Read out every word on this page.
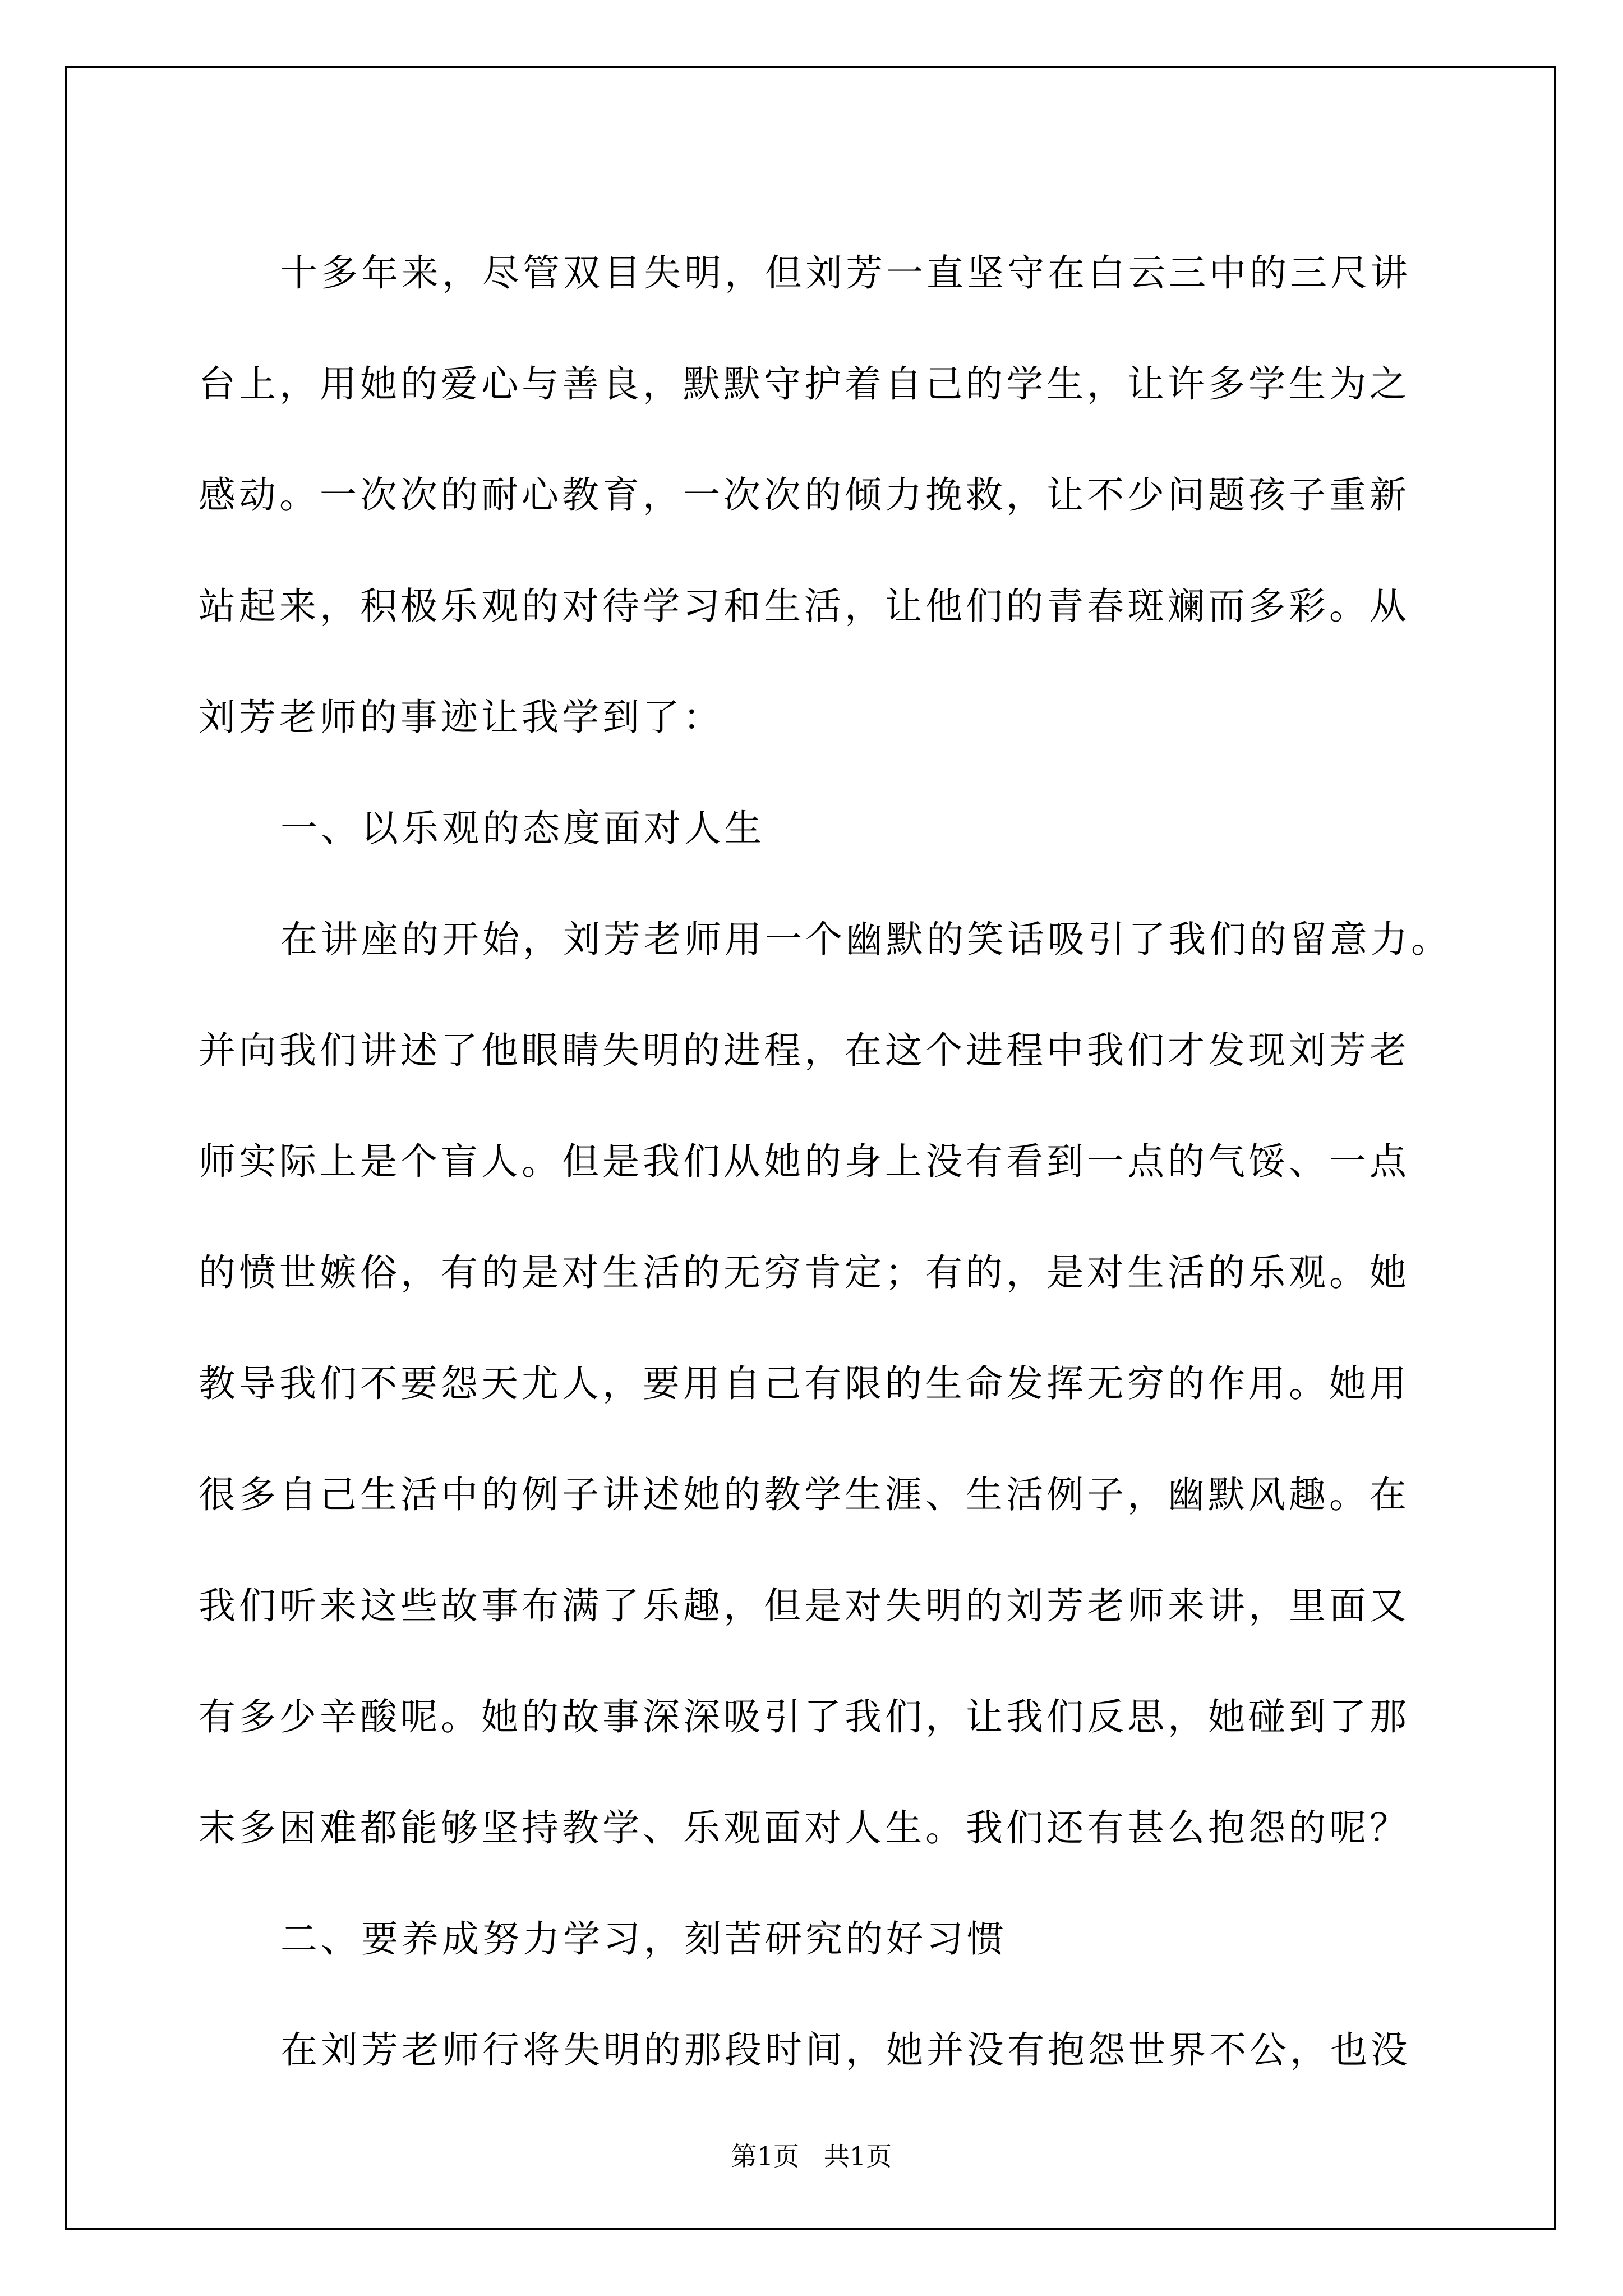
十多年来，尽管双目失明，但刘芳一直坚守在白云三中的三尺讲
台上，用她的爱心与善良，默默守护着自己的学生，让许多学生为之
感动。一次次的耐心教育，一次次的倾力挽救，让不少问题孩子重新
站起来，积极乐观的对待学习和生活，让他们的青春斑斓而多彩。从
刘芳老师的事迹让我学到了：
一、以乐观的态度面对人生
在讲座的开始，刘芳老师用一个幽默的笑话吸引了我们的留意力。
并向我们讲述了他眼睛失明的进程，在这个进程中我们才发现刘芳老
师实际上是个盲人。但是我们从她的身上没有看到一点的气馁、一点
的愤世嫉俗，有的是对生活的无穷肯定；有的，是对生活的乐观。她
教导我们不要怨天尤人，要用自己有限的生命发挥无穷的作用。她用
很多自己生活中的例子讲述她的教学生涯、生活例子，幽默风趣。在
我们听来这些故事布满了乐趣，但是对失明的刘芳老师来讲，里面又
有多少辛酸呢。她的故事深深吸引了我们，让我们反思，她碰到了那
末多困难都能够坚持教学、乐观面对人生。我们还有甚么抱怨的呢？
二、要养成努力学习，刻苦研究的好习惯
在刘芳老师行将失明的那段时间，她并没有抱怨世界不公，也没
第1页   共1页
